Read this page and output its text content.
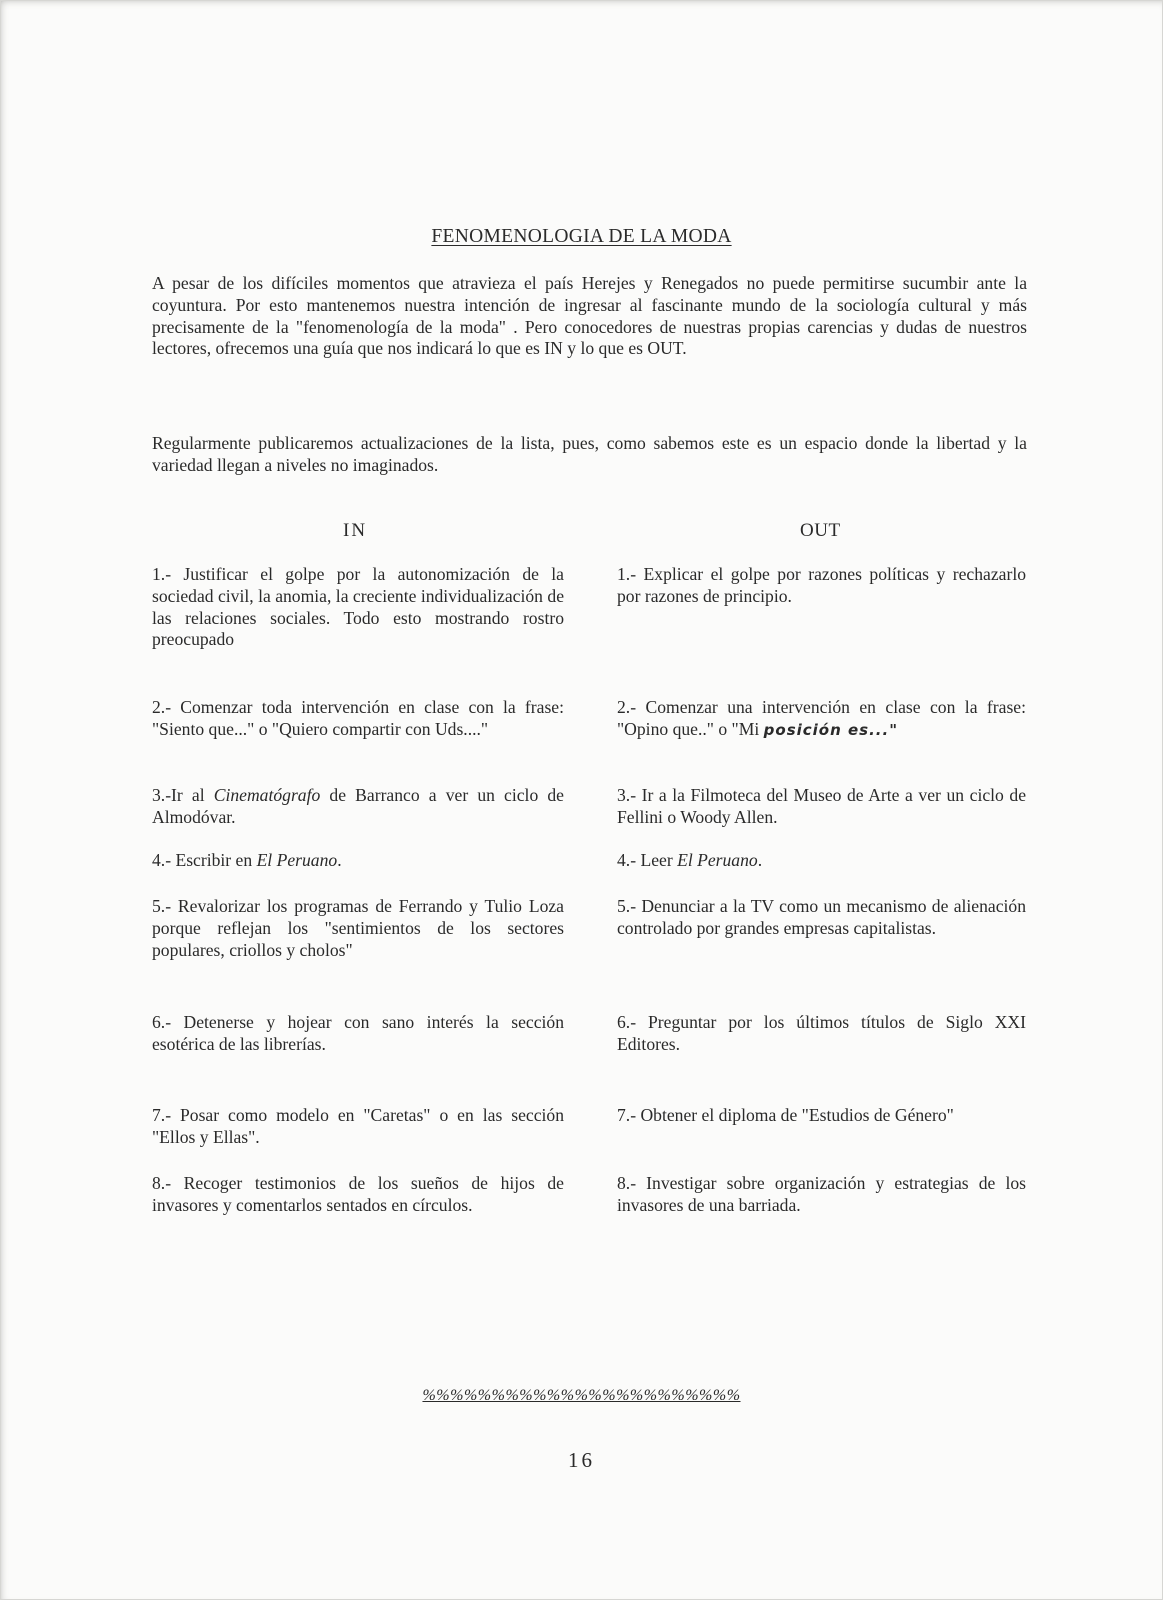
FENOMENOLOGIA DE LA MODA

A pesar de los difíciles momentos que atravieza el país Herejes y Renegados no puede permitirse sucumbir ante la coyuntura. Por esto mantenemos nuestra intención de ingresar al fascinante mundo de la sociología cultural y más precisamente de la "fenomenología de la moda" . Pero conocedores de nuestras propias carencias y dudas de nuestros lectores, ofrecemos una guía que nos indicará lo que es IN y lo que es OUT.

Regularmente publicaremos actualizaciones de la lista, pues, como sabemos este es un espacio donde la libertad y la variedad llegan a niveles no imaginados.

IN	OUT

1.- Justificar el golpe por la autonomización de la sociedad civil, la anomia, la creciente individualización de las relaciones sociales. Todo esto mostrando rostro preocupado

2.- Comenzar toda intervención en clase con la frase: "Siento que..." o "Quiero compartir con Uds...."

3.-Ir al Cinematógrafo de Barranco a ver un ciclo de Almodóvar.

4.- Escribir en El Peruano.

5.- Revalorizar los programas de Ferrando y Tulio Loza porque reflejan los "sentimientos de los sectores populares, criollos y cholos"

6.- Detenerse y hojear con sano interés la sección esotérica de las librerías.

7.- Posar como modelo en "Caretas" o en las sección "Ellos y Ellas".

8.- Recoger testimonios de los sueños de hijos de invasores y comentarlos sentados en círculos.

1.- Explicar el golpe por razones políticas y rechazarlo por razones de principio.

2.- Comenzar una intervención en clase con la frase: "Opino que.." o "Mi posición es..."

3.- Ir a la Filmoteca del Museo de Arte a ver un ciclo de Fellini o Woody Allen.

4.- Leer El Peruano.

5.- Denunciar a la TV como un mecanismo de alienación controlado por grandes empresas capitalistas.

6.- Preguntar por los últimos títulos de Siglo XXI Editores.

7.- Obtener el diploma de "Estudios de Género"

8.- Investigar sobre organización y estrategias de los invasores de una barriada.

%%%%%%%%%%%%%%%%%%%%%%%

16
